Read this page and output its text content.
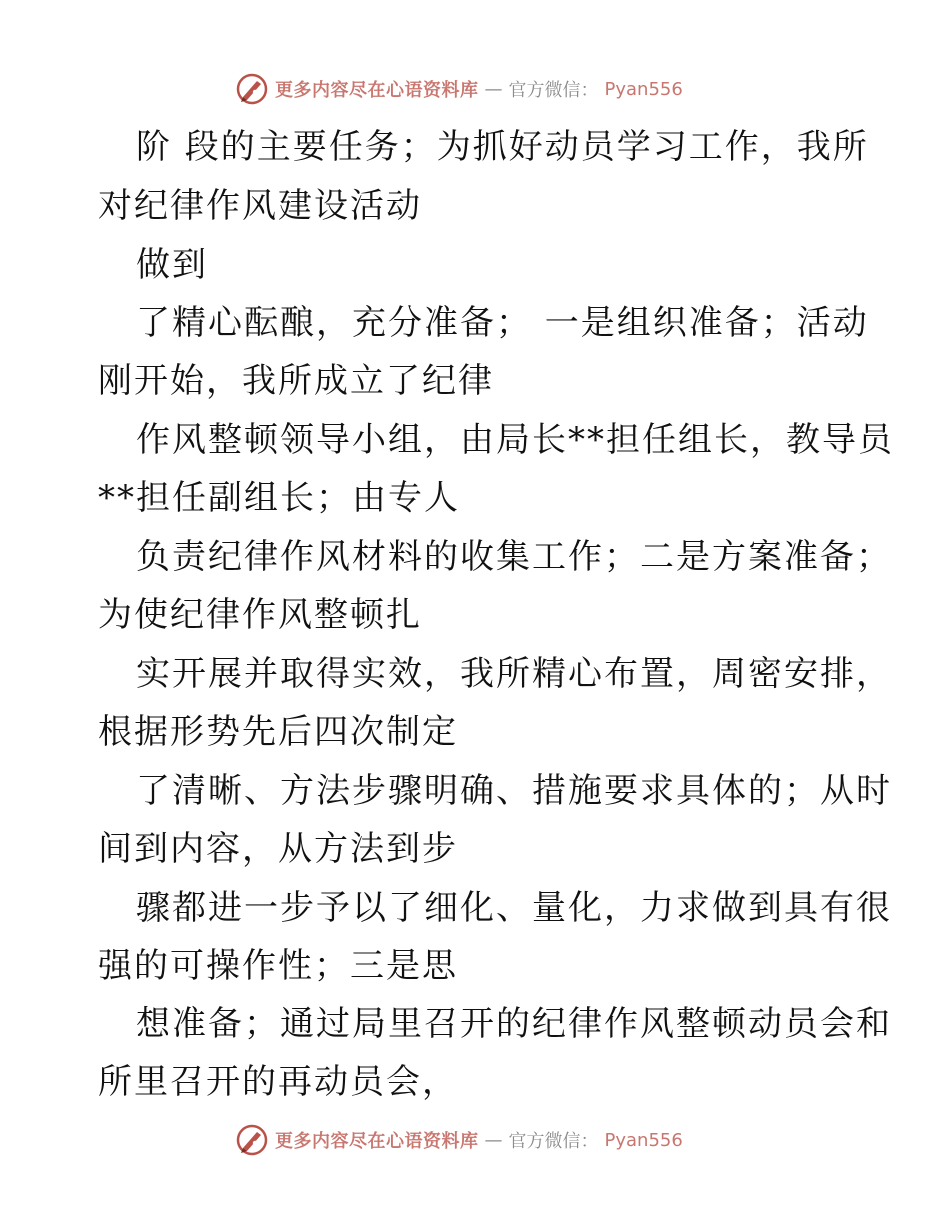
更多内容尽在心语资料库 — 官方微信： Pyan556
阶 段的主要任务；为抓好动员学习工作，我所
对纪律作风建设活动
做到
了精心酝酿，充分准备； 一是组织准备；活动
刚开始，我所成立了纪律
作风整顿领导小组，由局长**担任组长，教导员
**担任副组长；由专人
负责纪律作风材料的收集工作；二是方案准备；
为使纪律作风整顿扎
实开展并取得实效，我所精心布置，周密安排，
根据形势先后四次制定
了清晰、方法步骤明确、措施要求具体的；从时
间到内容，从方法到步
骤都进一步予以了细化、量化，力求做到具有很
强的可操作性；三是思
想准备；通过局里召开的纪律作风整顿动员会和
所里召开的再动员会，
更多内容尽在心语资料库 — 官方微信： Pyan556
